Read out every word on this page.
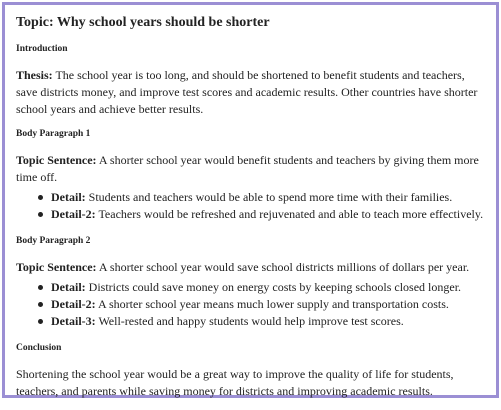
Topic: Why school years should be shorter
Introduction

Thesis: The school year is too long, and should be shortened to benefit students and teachers, save districts money, and improve test scores and academic results. Other countries have shorter school years and achieve better results.

Body Paragraph 1

Topic Sentence: A shorter school year would benefit students and teachers by giving them more time off.

Detail: Students and teachers would be able to spend more time with their families.
Detail-2: Teachers would be refreshed and rejuvenated and able to teach more effectively.
Body Paragraph 2

Topic Sentence: A shorter school year would save school districts millions of dollars per year.

Detail: Districts could save money on energy costs by keeping schools closed longer.
Detail-2: A shorter school year means much lower supply and transportation costs.
Detail-3: Well-rested and happy students would help improve test scores.
Conclusion

Shortening the school year would be a great way to improve the quality of life for students, teachers, and parents while saving money for districts and improving academic results.
